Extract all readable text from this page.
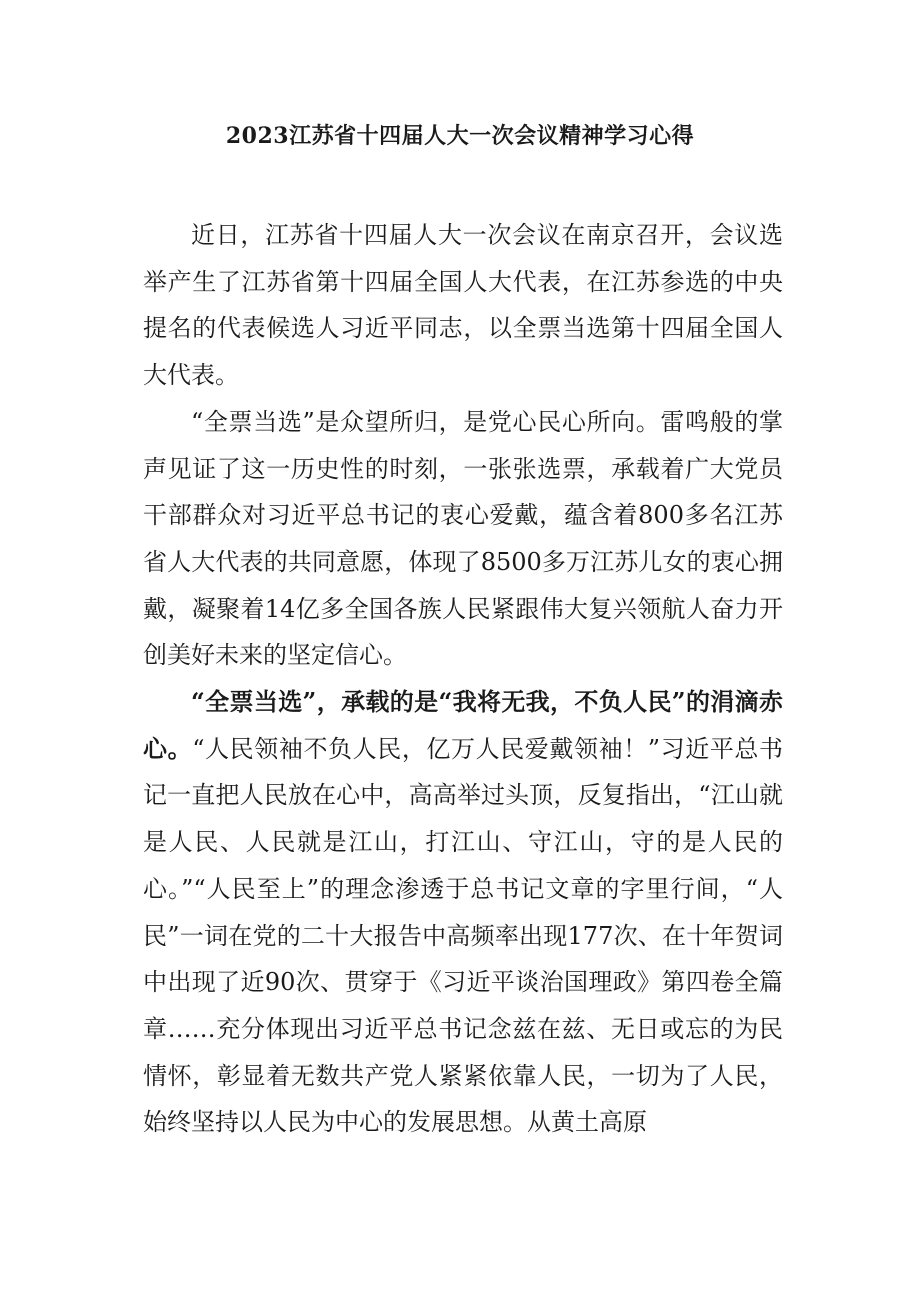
2023江苏省十四届人大一次会议精神学习心得

近日，江苏省十四届人大一次会议在南京召开，会议选举产生了江苏省第十四届全国人大代表，在江苏参选的中央提名的代表候选人习近平同志，以全票当选第十四届全国人大代表。

“全票当选”是众望所归，是党心民心所向。雷鸣般的掌声见证了这一历史性的时刻，一张张选票，承载着广大党员干部群众对习近平总书记的衷心爱戴，蕴含着800多名江苏省人大代表的共同意愿，体现了8500多万江苏儿女的衷心拥戴，凝聚着14亿多全国各族人民紧跟伟大复兴领航人奋力开创美好未来的坚定信心。

“全票当选”，承载的是“我将无我，不负人民”的涓滴赤心。“人民领袖不负人民，亿万人民爱戴领袖！”习近平总书记一直把人民放在心中，高高举过头顶，反复指出，“江山就是人民、人民就是江山，打江山、守江山，守的是人民的心。”“人民至上”的理念渗透于总书记文章的字里行间，“人民”一词在党的二十大报告中高频率出现177次、在十年贺词中出现了近90次、贯穿于《习近平谈治国理政》第四卷全篇章……充分体现出习近平总书记念兹在兹、无日或忘的为民情怀，彰显着无数共产党人紧紧依靠人民，一切为了人民，始终坚持以人民为中心的发展思想。从黄土高原
